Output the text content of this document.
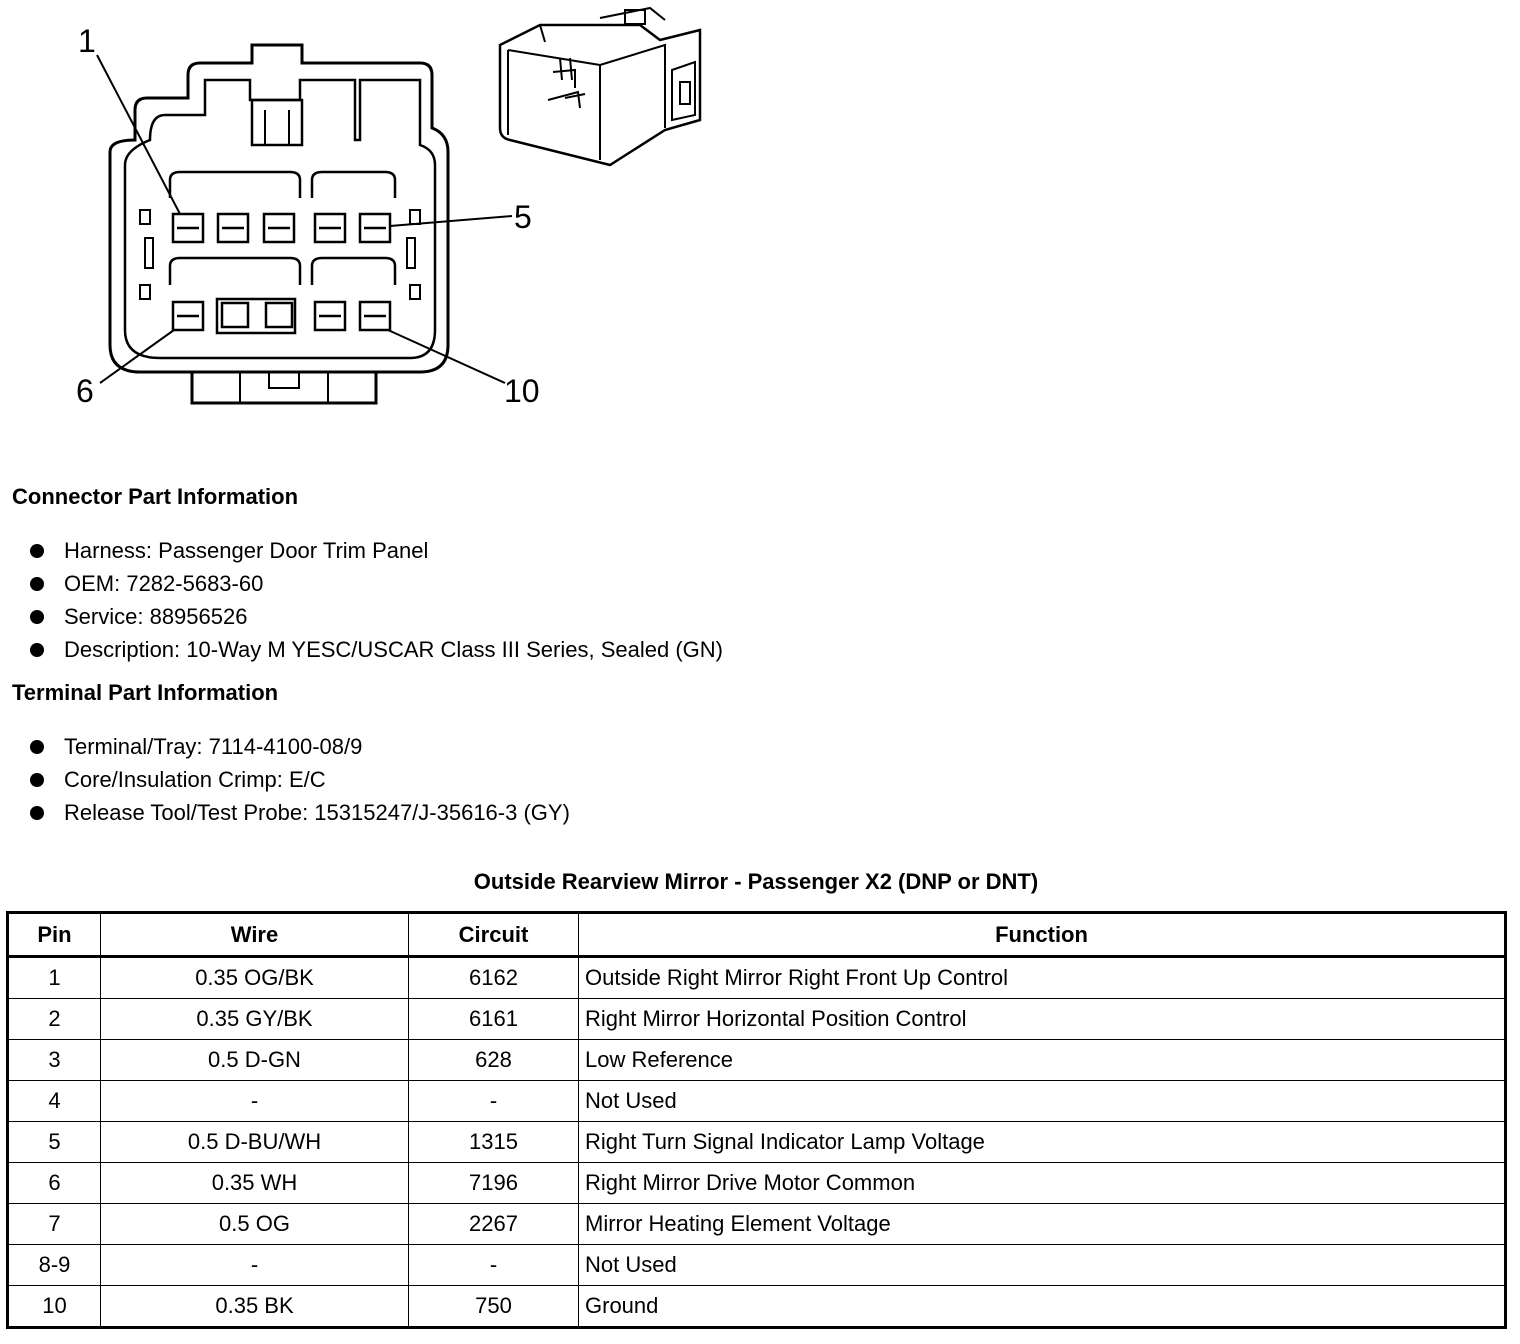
1
5
6	10
Connector Part Information
Harness: Passenger Door Trim Panel
OEM: 7282-5683-60
Service: 88956526
Description: 10-Way M YESC/USCAR Class III Series, Sealed (GN)
Terminal Part Information
Terminal/Tray: 7114-4100-08/9
Core/Insulation Crimp: E/C
Release Tool/Test Probe: 15315247/J-35616-3 (GY)
Outside Rearview Mirror - Passenger X2 (DNP or DNT)
Pin	Wire	Circuit	Function
1	0.35 OG/BK	6162	Outside Right Mirror Right Front Up Control
2	0.35 GY/BK	6161	Right Mirror Horizontal Position Control
3	0.5 D-GN	628	Low Reference
4	-	-	Not Used
5	0.5 D-BU/WH	1315	Right Turn Signal Indicator Lamp Voltage
6	0.35 WH	7196	Right Mirror Drive Motor Common
7	0.5 OG	2267	Mirror Heating Element Voltage
8-9	-	-	Not Used
10	0.35 BK	750	Ground
